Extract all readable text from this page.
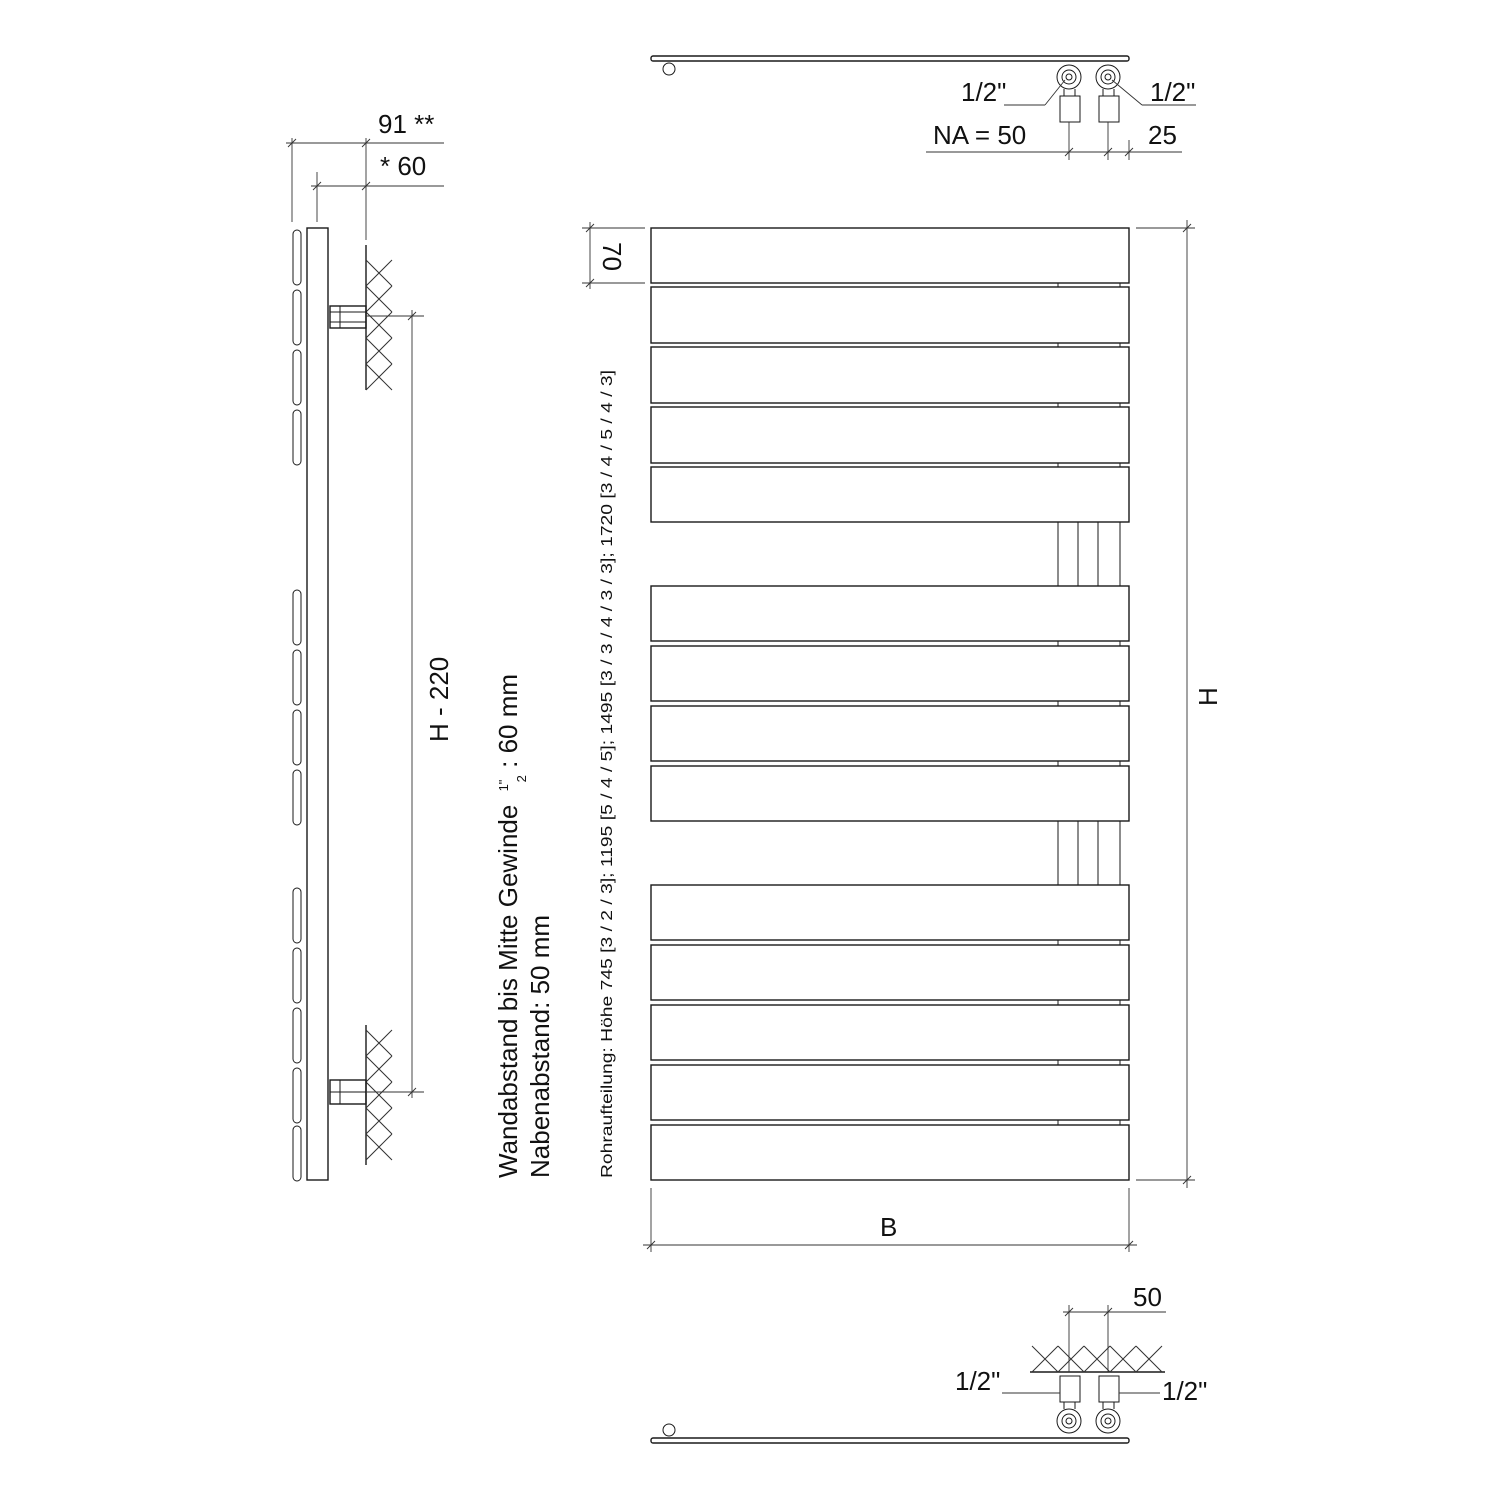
91 **
* 60
H - 220
Wandabstand bis Mitte Gewinde $^{1"}$ 2 : 60 mm
Nabenabstand: 50 mm	Rohraufteilung: Höhe 745 [3 / 2 / 3]; 1195 [5 / 4 / 5]; 1495 [3 / 3 / 4 / 3 / 3]; 1720 [3 / 4 / 5 / 4 / 3]
70
H
B
1/2"	1/2"
NA = 50	25
50
1/2"	1/2"
